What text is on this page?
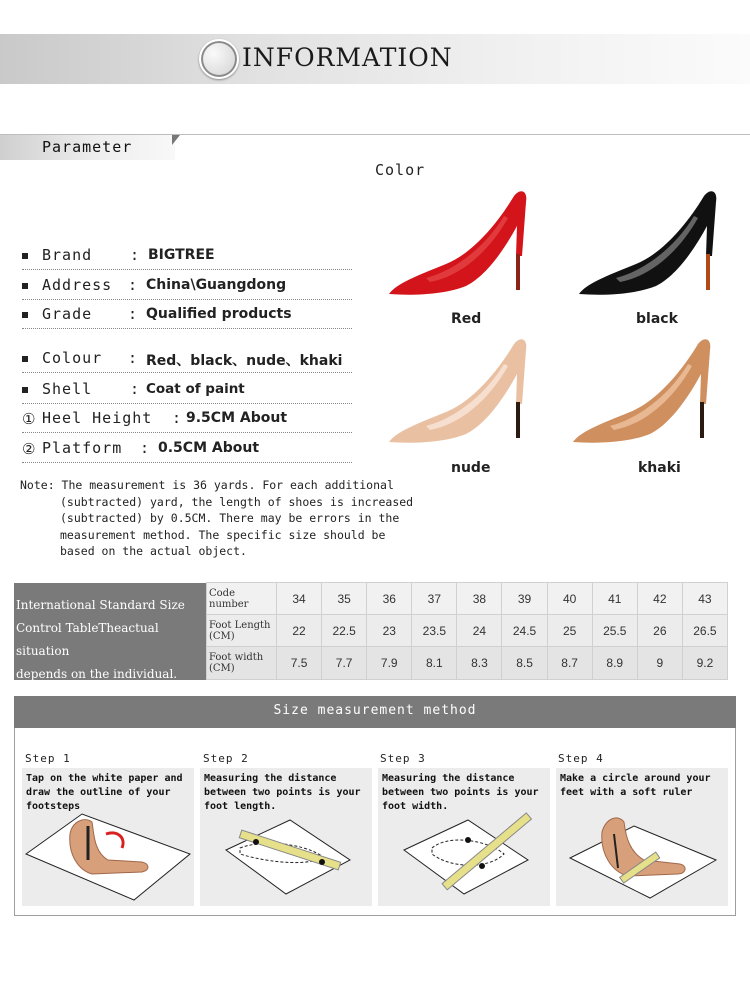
INFORMATION
Parameter
Color
Brand	: BIGTREE
Address : China\Guangdong
Grade : Qualified products
Colour : Red、black、nude、khaki
Shell	: Coat of paint
① Heel Height : 9.5CM About
② Platform : 0.5CM About
Note: The measurement is 36 yards. For each additional
(subtracted) yard, the length of shoes is increased (subtracted) by 0.5CM. There may be errors in the measurement method. The specific size should be based on the actual object.
Red	black
nude	khaki
International Standard Size
Control TableTheactual situation
depends on the individual.
Code number	34	35	36	37	38	39	40	41	42	43
Foot Length (CM)	22	22.5	23	23.5	24	24.5	25	25.5	26	26.5
Foot width (CM)	7.5	7.7	7.9	8.1	8.3	8.5	8.7	8.9	9	9.2
Size measurement method
Step 1	Step 2	Step 3	Step 4
Tap on the white paper and draw the outline of your footsteps
Measuring the distance between two points is your foot length.
Measuring the distance between two points is your foot width.
Make a circle around your feet with a soft ruler
